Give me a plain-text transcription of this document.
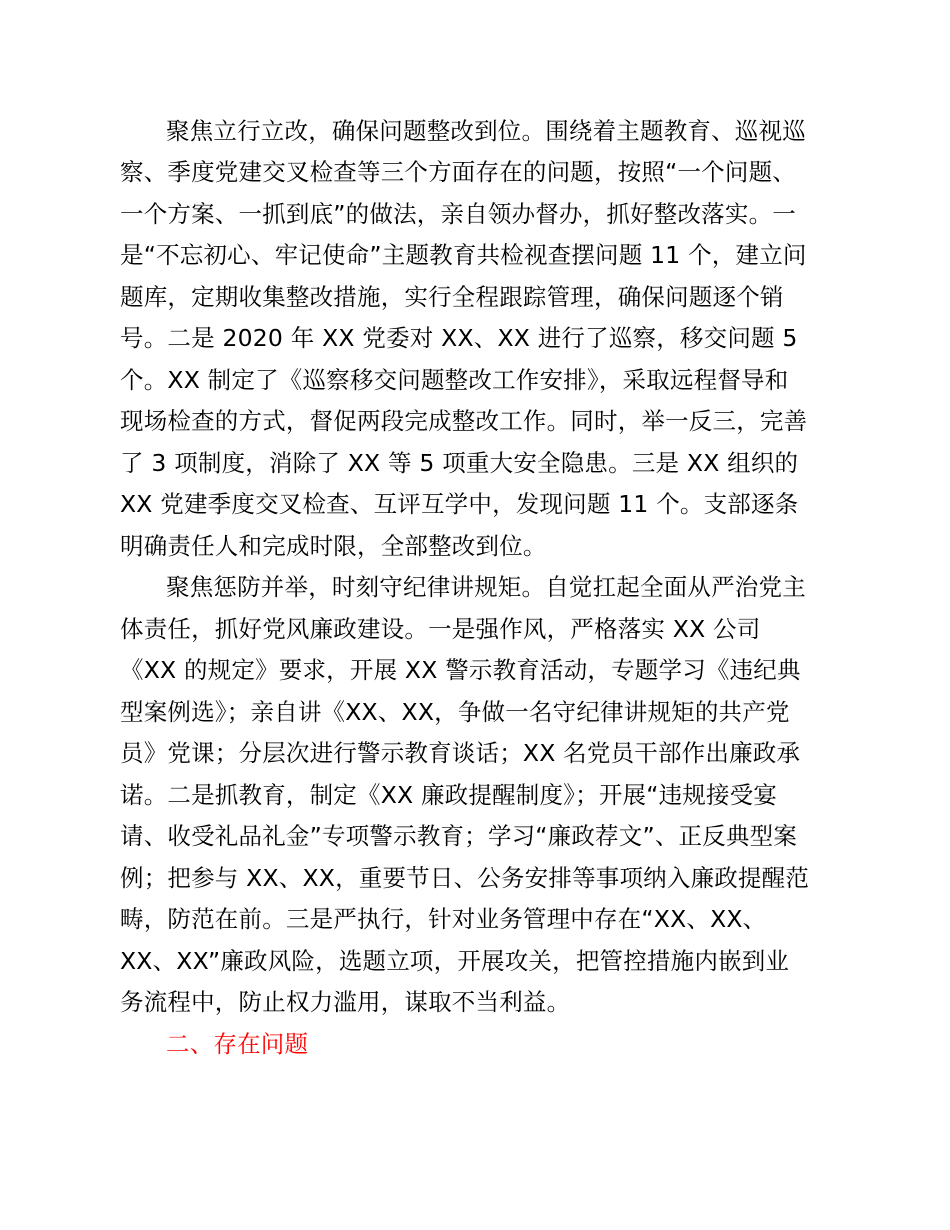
聚焦立行立改，确保问题整改到位。围绕着主题教育、巡视巡
察、季度党建交叉检查等三个方面存在的问题，按照“一个问题、
一个方案、一抓到底”的做法，亲自领办督办，抓好整改落实。一
是“不忘初心、牢记使命”主题教育共检视查摆问题 11 个，建立问
题库，定期收集整改措施，实行全程跟踪管理，确保问题逐个销
号。二是 2020 年 XX 党委对 XX、XX 进行了巡察，移交问题 5
个。XX 制定了《巡察移交问题整改工作安排》，采取远程督导和
现场检查的方式，督促两段完成整改工作。同时，举一反三，完善
了 3 项制度，消除了 XX 等 5 项重大安全隐患。三是 XX 组织的
XX 党建季度交叉检查、互评互学中，发现问题 11 个。支部逐条
明确责任人和完成时限，全部整改到位。
聚焦惩防并举，时刻守纪律讲规矩。自觉扛起全面从严治党主
体责任，抓好党风廉政建设。一是强作风，严格落实 XX 公司
《XX 的规定》要求，开展 XX 警示教育活动，专题学习《违纪典
型案例选》；亲自讲《XX、XX，争做一名守纪律讲规矩的共产党
员》党课；分层次进行警示教育谈话；XX 名党员干部作出廉政承
诺。二是抓教育，制定《XX 廉政提醒制度》；开展“违规接受宴
请、收受礼品礼金”专项警示教育；学习“廉政荐文”、正反典型案
例；把参与 XX、XX，重要节日、公务安排等事项纳入廉政提醒范
畴，防范在前。三是严执行，针对业务管理中存在“XX、XX、
XX、XX”廉政风险，选题立项，开展攻关，把管控措施内嵌到业
务流程中，防止权力滥用，谋取不当利益。
二、存在问题
